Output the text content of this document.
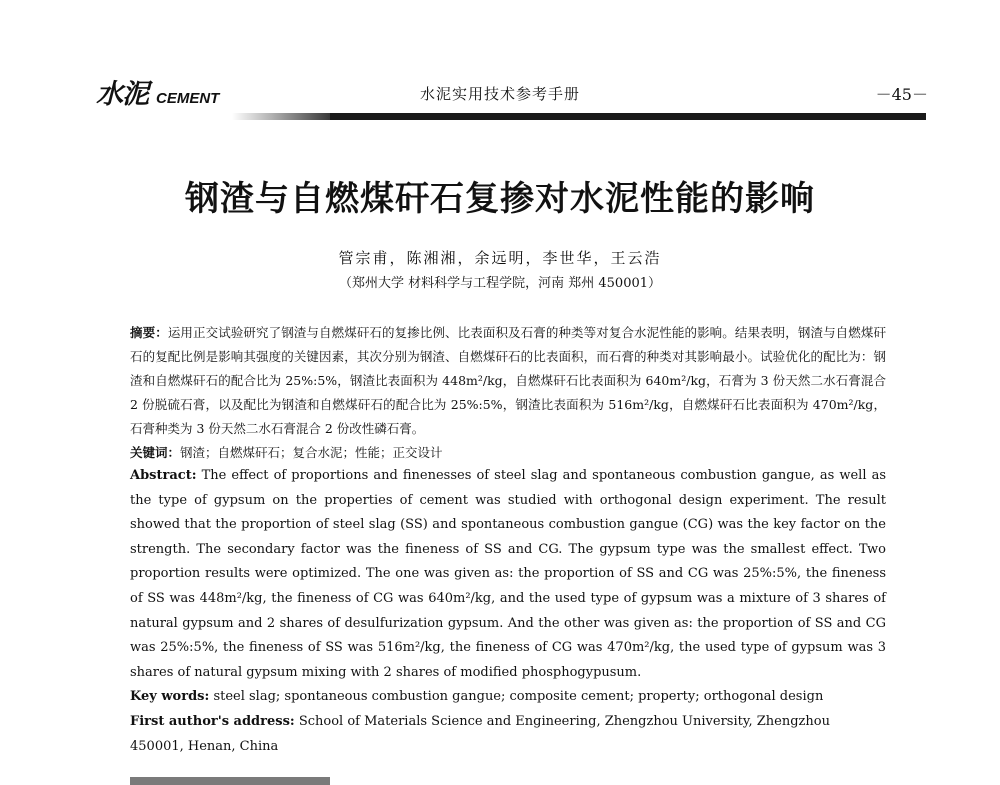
水泥 CEMENT	水泥实用技术参考手册	－45－
钢渣与自燃煤矸石复掺对水泥性能的影响
管宗甫，陈湘湘，余远明，李世华，王云浩
（郑州大学 材料科学与工程学院，河南 郑州 450001）

摘要：运用正交试验研究了钢渣与自燃煤矸石的复掺比例、比表面积及石膏的种类等对复合水泥性能的影响。结果表明，钢渣与自燃煤矸石的复配比例是影响其强度的关键因素，其次分别为钢渣、自燃煤矸石的比表面积，而石膏的种类对其影响最小。试验优化的配比为：钢渣和自燃煤矸石的配合比为 25%:5%，钢渣比表面积为 448m²/kg，自燃煤矸石比表面积为 640m²/kg，石膏为 3 份天然二水石膏混合 2 份脱硫石膏，以及配比为钢渣和自燃煤矸石的配合比为 25%:5%，钢渣比表面积为 516m²/kg，自燃煤矸石比表面积为 470m²/kg，石膏种类为 3 份天然二水石膏混合 2 份改性磷石膏。

关键词：钢渣；自燃煤矸石；复合水泥；性能；正交设计

Abstract: The effect of proportions and finenesses of steel slag and spontaneous combustion gangue, as well as the type of gypsum on the properties of cement was studied with orthogonal design experiment. The result showed that the proportion of steel slag (SS) and spontaneous combustion gangue (CG) was the key factor on the strength. The secondary factor was the fineness of SS and CG. The gypsum type was the smallest effect. Two proportion results were optimized. The one was given as: the proportion of SS and CG was 25%:5%, the fineness of SS was 448m²/kg, the fineness of CG was 640m²/kg, and the used type of gypsum was a mixture of 3 shares of natural gypsum and 2 shares of desulfurization gypsum. And the other was given as: the proportion of SS and CG was 25%:5%, the fineness of SS was 516m²/kg, the fineness of CG was 470m²/kg, the used type of gypsum was 3 shares of natural gypsum mixing with 2 shares of modified phosphogypusum.

Key words: steel slag; spontaneous combustion gangue; composite cement; property; orthogonal design

First author's address: School of Materials Science and Engineering, Zhengzhou University, Zhengzhou 450001, Henan, China
